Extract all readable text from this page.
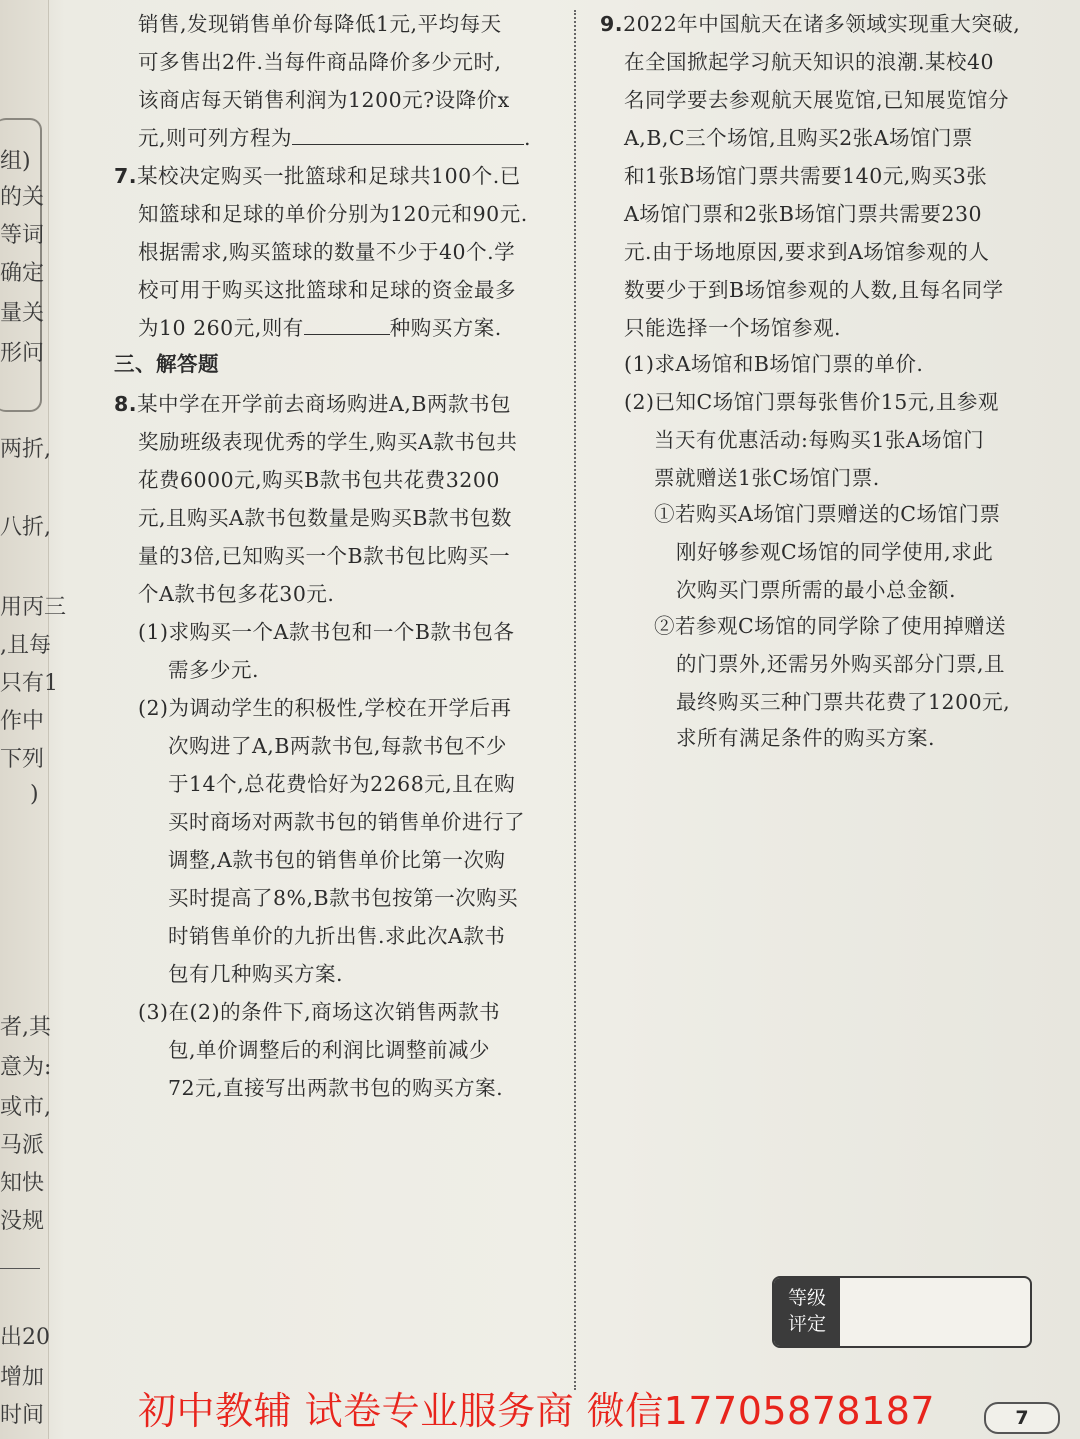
组)
的关
等词
确定
量关
形问
两折,
八折,
用丙三
,且每
只有1
作中
下列
)
者,其
意为:
或市,
马派
知快
没规
出20
增加
时间
销售,发现销售单价每降低1元,平均每天
可多售出2件.当每件商品降价多少元时,
该商店每天销售利润为1200元?设降价x
元,则可列方程为	.
7.某校决定购买一批篮球和足球共100个.已
知篮球和足球的单价分别为120元和90元.
根据需求,购买篮球的数量不少于40个.学
校可用于购买这批篮球和足球的资金最多
为10 260元,则有	种购买方案.
三、解答题
8.某中学在开学前去商场购进A,B两款书包
奖励班级表现优秀的学生,购买A款书包共
花费6000元,购买B款书包共花费3200
元,且购买A款书包数量是购买B款书包数
量的3倍,已知购买一个B款书包比购买一
个A款书包多花30元.
(1)求购买一个A款书包和一个B款书包各
需多少元.
(2)为调动学生的积极性,学校在开学后再
次购进了A,B两款书包,每款书包不少
于14个,总花费恰好为2268元,且在购
买时商场对两款书包的销售单价进行了
调整,A款书包的销售单价比第一次购
买时提高了8%,B款书包按第一次购买
时销售单价的九折出售.求此次A款书
包有几种购买方案.
(3)在(2)的条件下,商场这次销售两款书
包,单价调整后的利润比调整前减少
72元,直接写出两款书包的购买方案.
9.2022年中国航天在诸多领域实现重大突破,
在全国掀起学习航天知识的浪潮.某校40
名同学要去参观航天展览馆,已知展览馆分
A,B,C三个场馆,且购买2张A场馆门票
和1张B场馆门票共需要140元,购买3张
A场馆门票和2张B场馆门票共需要230
元.由于场地原因,要求到A场馆参观的人
数要少于到B场馆参观的人数,且每名同学
只能选择一个场馆参观.
(1)求A场馆和B场馆门票的单价.
(2)已知C场馆门票每张售价15元,且参观
当天有优惠活动:每购买1张A场馆门
票就赠送1张C场馆门票.
①若购买A场馆门票赠送的C场馆门票
刚好够参观C场馆的同学使用,求此
次购买门票所需的最小总金额.
②若参观C场馆的同学除了使用掉赠送
的门票外,还需另外购买部分门票,且
最终购买三种门票共花费了1200元,
求所有满足条件的购买方案.
等级
评定
初中教辅 试卷专业服务商 微信17705878187	7
